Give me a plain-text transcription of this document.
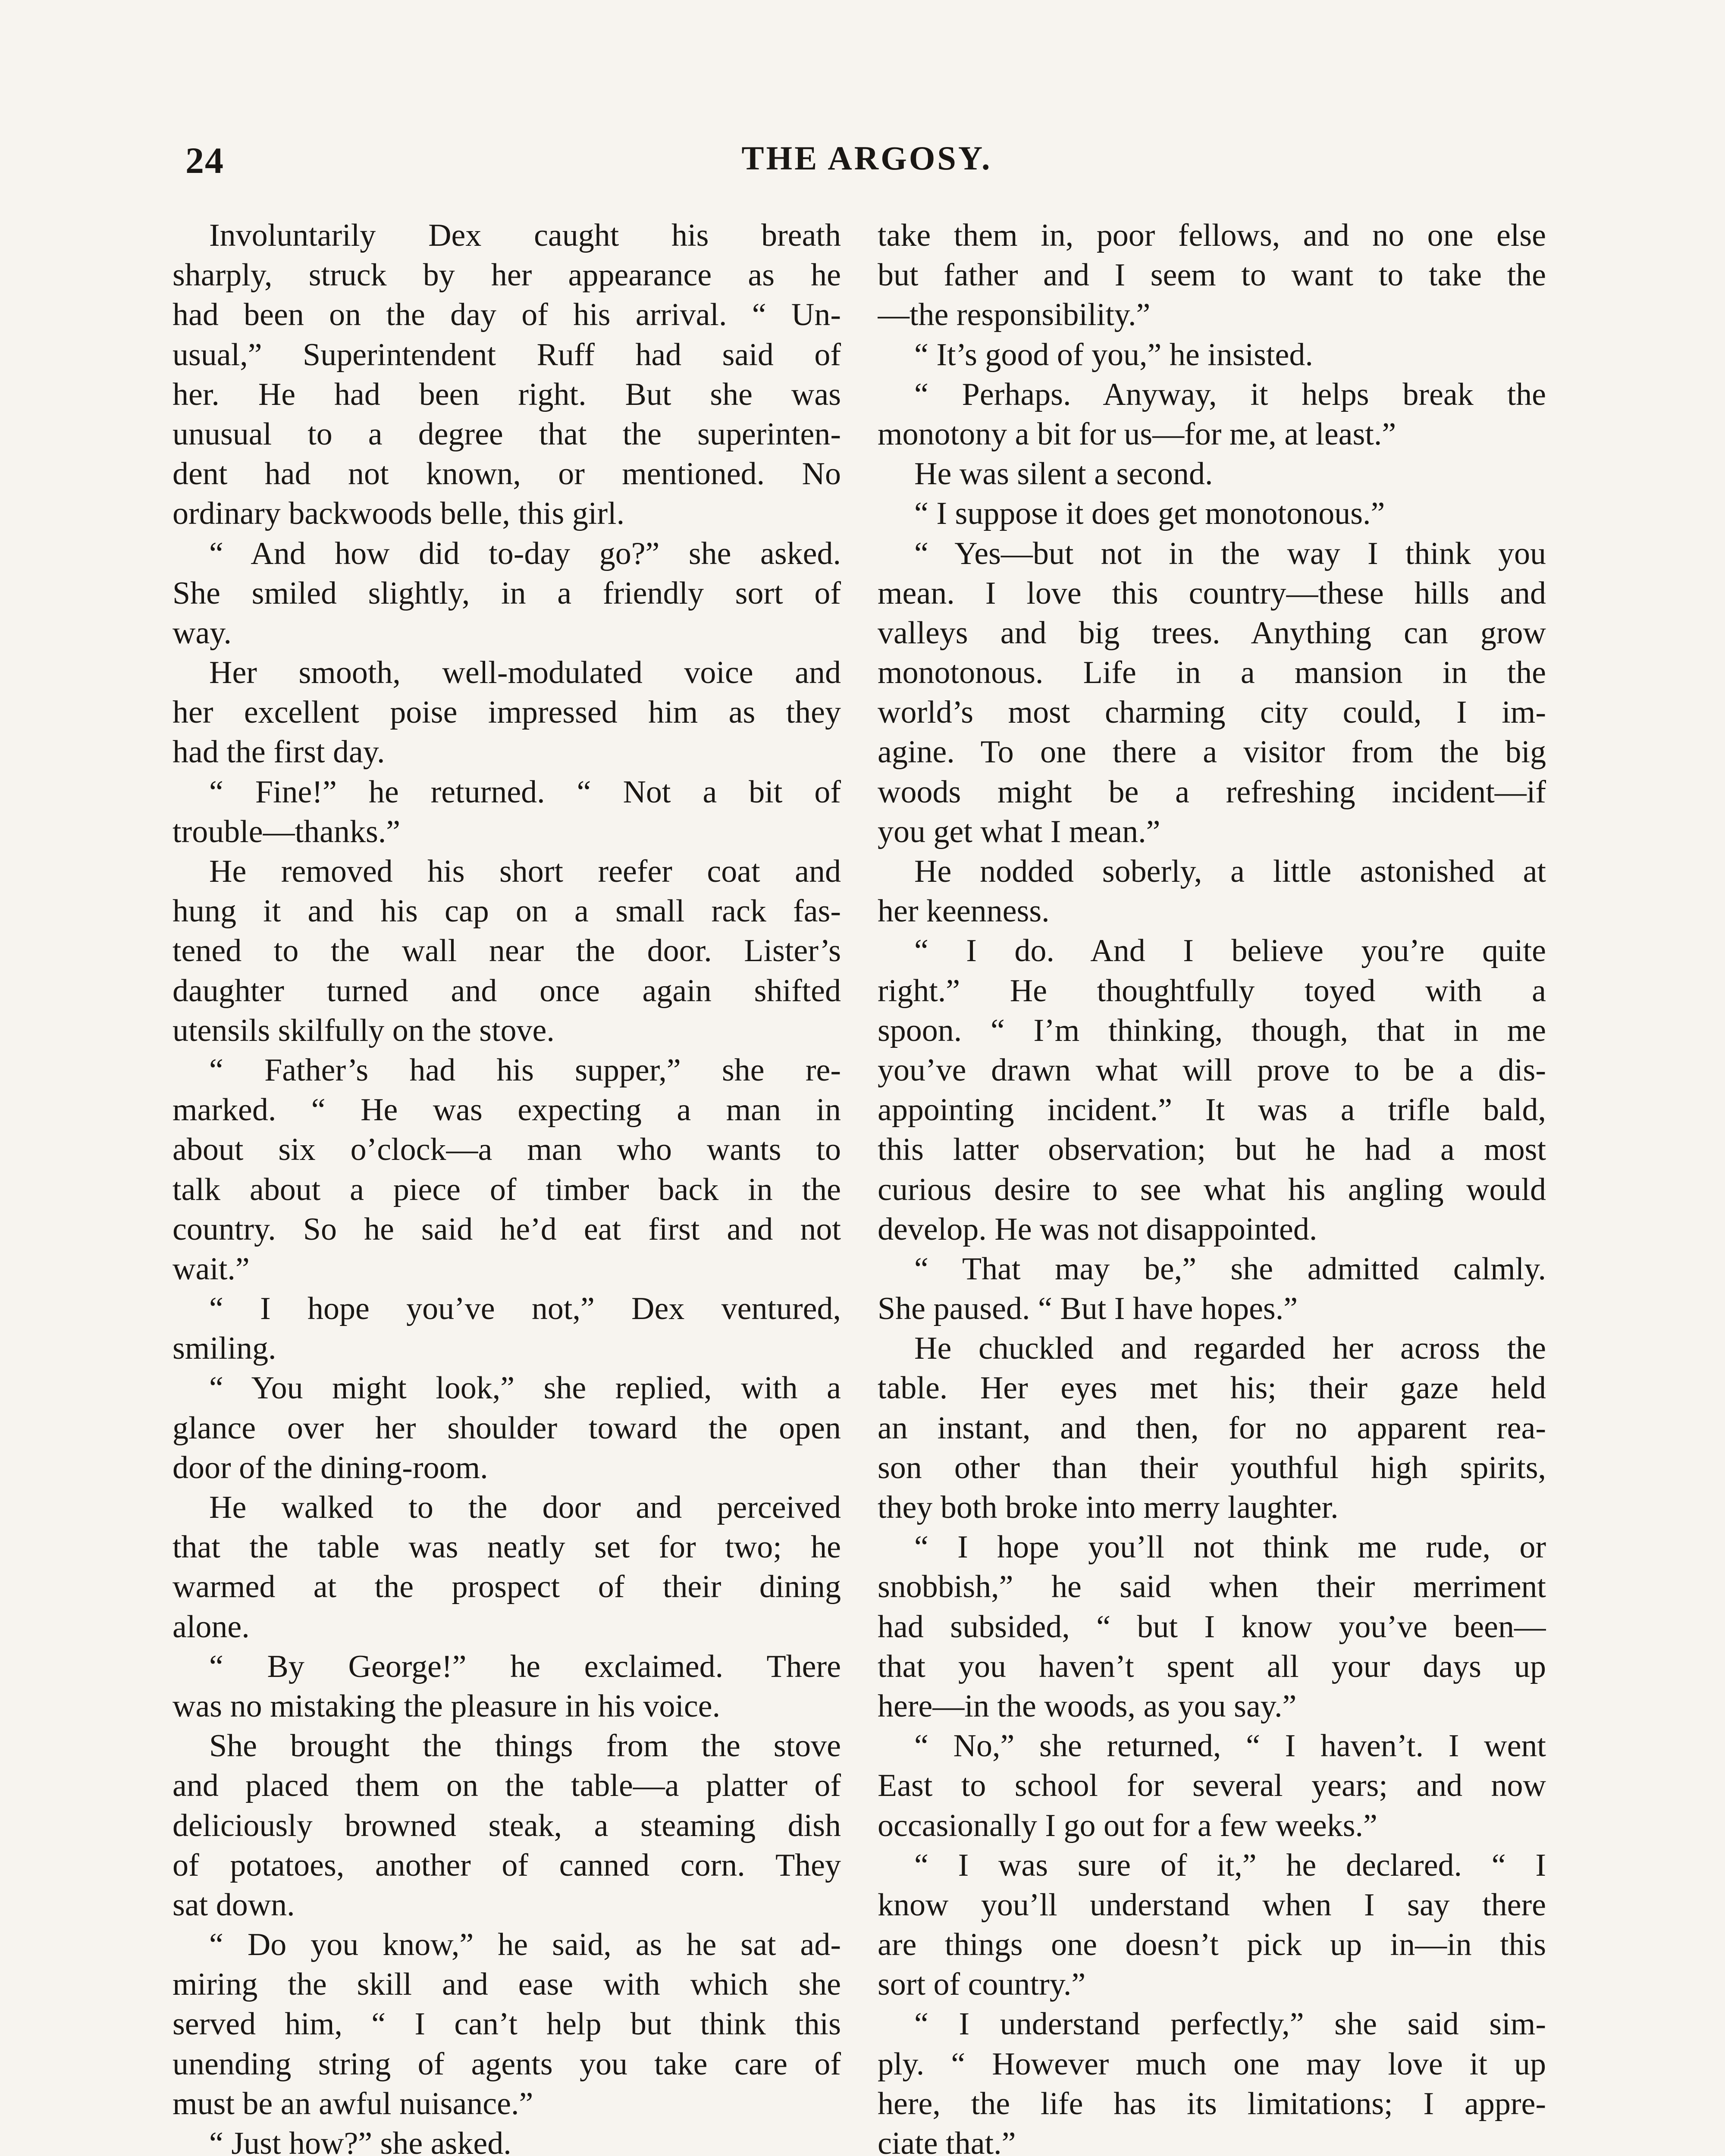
24	THE ARGOSY.
Involuntarily Dex caught his breath
sharply, struck by her appearance as he
had been on the day of his arrival. “ Un-
usual,” Superintendent Ruff had said of
her. He had been right. But she was
unusual to a degree that the superinten-
dent had not known, or mentioned. No
ordinary backwoods belle, this girl.
“ And how did to-day go?” she asked.
She smiled slightly, in a friendly sort of
way.
Her smooth, well-modulated voice and
her excellent poise impressed him as they
had the first day.
“ Fine!” he returned. “ Not a bit of
trouble—thanks.”
He removed his short reefer coat and
hung it and his cap on a small rack fas-
tened to the wall near the door. Lister’s
daughter turned and once again shifted
utensils skilfully on the stove.
“ Father’s had his supper,” she re-
marked. “ He was expecting a man in
about six o’clock—a man who wants to
talk about a piece of timber back in the
country. So he said he’d eat first and not
wait.”
“ I hope you’ve not,” Dex ventured,
smiling.
“ You might look,” she replied, with a
glance over her shoulder toward the open
door of the dining-room.
He walked to the door and perceived
that the table was neatly set for two; he
warmed at the prospect of their dining
alone.
“ By George!” he exclaimed. There
was no mistaking the pleasure in his voice.
She brought the things from the stove
and placed them on the table—a platter of
deliciously browned steak, a steaming dish
of potatoes, another of canned corn. They
sat down.
“ Do you know,” he said, as he sat ad-
miring the skill and ease with which she
served him, “ I can’t help but think this
unending string of agents you take care of
must be an awful nuisance.”
“ Just how?” she asked.
take them in, poor fellows, and no one else
but father and I seem to want to take the
—the responsibility.”
“ It’s good of you,” he insisted.
“ Perhaps. Anyway, it helps break the
monotony a bit for us—for me, at least.”
He was silent a second.
“ I suppose it does get monotonous.”
“ Yes—but not in the way I think you
mean. I love this country—these hills and
valleys and big trees. Anything can grow
monotonous. Life in a mansion in the
world’s most charming city could, I im-
agine. To one there a visitor from the big
woods might be a refreshing incident—if
you get what I mean.”
He nodded soberly, a little astonished at
her keenness.
“ I do. And I believe you’re quite
right.” He thoughtfully toyed with a
spoon. “ I’m thinking, though, that in me
you’ve drawn what will prove to be a dis-
appointing incident.” It was a trifle bald,
this latter observation; but he had a most
curious desire to see what his angling would
develop. He was not disappointed.
“ That may be,” she admitted calmly.
She paused. “ But I have hopes.”
He chuckled and regarded her across the
table. Her eyes met his; their gaze held
an instant, and then, for no apparent rea-
son other than their youthful high spirits,
they both broke into merry laughter.
“ I hope you’ll not think me rude, or
snobbish,” he said when their merriment
had subsided, “ but I know you’ve been—
that you haven’t spent all your days up
here—in the woods, as you say.”
“ No,” she returned, “ I haven’t. I went
East to school for several years; and now
occasionally I go out for a few weeks.”
“ I was sure of it,” he declared. “ I
know you’ll understand when I say there
are things one doesn’t pick up in—in this
sort of country.”
“ I understand perfectly,” she said sim-
ply. “ However much one may love it up
here, the life has its limitations; I appre-
ciate that.”
